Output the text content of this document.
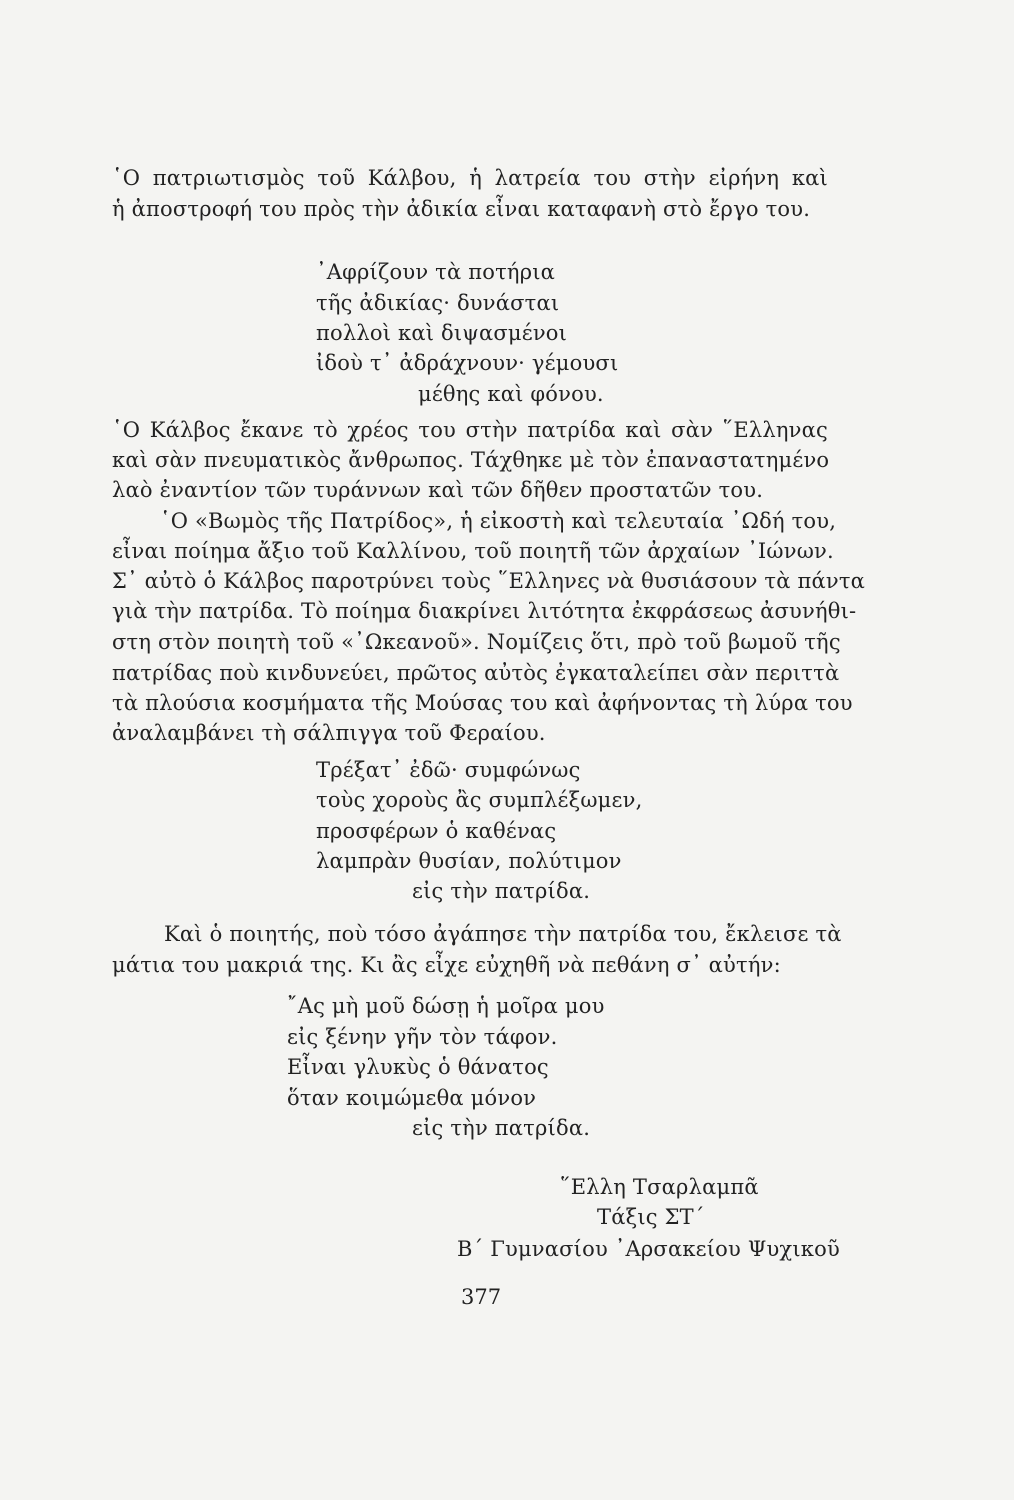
῾Ο πατριωτισμὸς τοῦ Κάλβου, ἡ λατρεία του στὴν εἰρήνη καὶ
ἡ ἀποστροφή του πρὸς τὴν ἀδικία εἶναι καταφανὴ στὸ ἔργο του.
᾽Αφρίζουν τὰ ποτήρια
τῆς ἀδικίας· δυνάσται
πολλοὶ καὶ διψασμένοι
ἰδοὺ τ᾽ ἀδράχνουν· γέμουσι
μέθης καὶ φόνου.
῾Ο Κάλβος ἔκανε τὸ χρέος του στὴν πατρίδα καὶ σὰν ῞Ελληνας
καὶ σὰν πνευματικὸς ἄνθρωπος. Τάχθηκε μὲ τὸν ἐπαναστατημένο
λαὸ ἐναντίον τῶν τυράννων καὶ τῶν δῆθεν προστατῶν του.
῾Ο «Βωμὸς τῆς Πατρίδος», ἡ εἰκοστὴ καὶ τελευταία ᾽Ωδή του,
εἶναι ποίημα ἄξιο τοῦ Καλλίνου, τοῦ ποιητῆ τῶν ἀρχαίων ᾽Ιώνων.
Σ᾽ αὐτὸ ὁ Κάλβος παροτρύνει τοὺς ῞Ελληνες νὰ θυσιάσουν τὰ πάντα
γιὰ τὴν πατρίδα. Τὸ ποίημα διακρίνει λιτότητα ἐκφράσεως ἀσυνήθι-
στη στὸν ποιητὴ τοῦ «᾽Ωκεανοῦ». Νομίζεις ὅτι, πρὸ τοῦ βωμοῦ τῆς
πατρίδας ποὺ κινδυνεύει, πρῶτος αὐτὸς ἐγκαταλείπει σὰν περιττὰ
τὰ πλούσια κοσμήματα τῆς Μούσας του καὶ ἀφήνοντας τὴ λύρα του
ἀναλαμβάνει τὴ σάλπιγγα τοῦ Φεραίου.
Τρέξατ᾽ ἐδῶ· συμφώνως
τοὺς χοροὺς ἂς συμπλέξωμεν,
προσφέρων ὁ καθένας
λαμπρὰν θυσίαν, πολύτιμον
εἰς τὴν πατρίδα.
Καὶ ὁ ποιητής, ποὺ τόσο ἀγάπησε τὴν πατρίδα του, ἔκλεισε τὰ
μάτια του μακριά της. Κι ἂς εἶχε εὐχηθῆ νὰ πεθάνη σ᾽ αὐτήν:
῎Ας μὴ μοῦ δώσῃ ἡ μοῖρα μου
εἰς ξένην γῆν τὸν τάφον.
Εἶναι γλυκὺς ὁ θάνατος
ὅταν κοιμώμεθα μόνον
εἰς τὴν πατρίδα.
῞Ελλη Τσαρλαμπᾶ
Τάξις ΣΤ΄
Β΄ Γυμνασίου ᾽Αρσακείου Ψυχικοῦ
377
